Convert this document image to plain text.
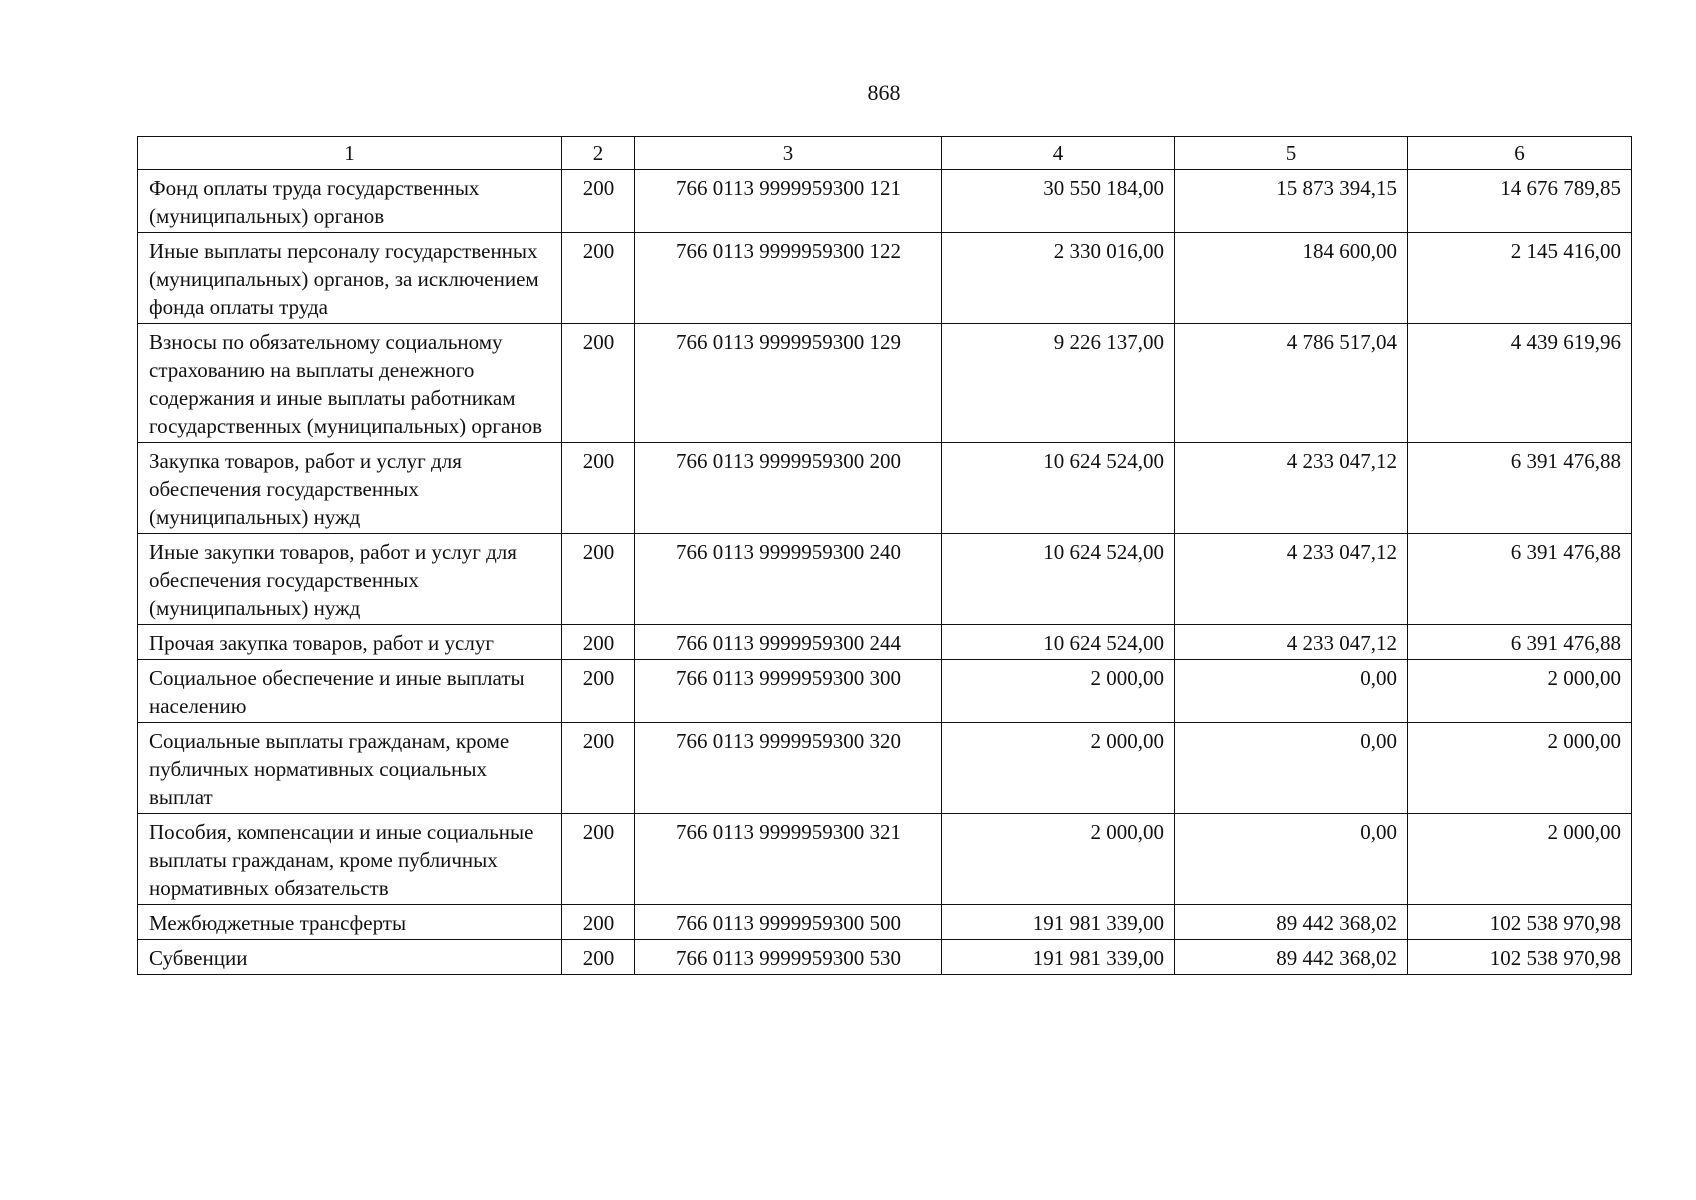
868
1	2	3	4	5	6
Фонд оплаты труда государственных (муниципальных) органов	200	766 0113 9999959300 121	30 550 184,00	15 873 394,15	14 676 789,85
Иные выплаты персоналу государственных (муниципальных) органов, за исключением фонда оплаты труда	200	766 0113 9999959300 122	2 330 016,00	184 600,00	2 145 416,00
Взносы по обязательному социальному страхованию на выплаты денежного содержания и иные выплаты работникам государственных (муниципальных) органов	200	766 0113 9999959300 129	9 226 137,00	4 786 517,04	4 439 619,96
Закупка товаров, работ и услуг для обеспечения государственных (муниципальных) нужд	200	766 0113 9999959300 200	10 624 524,00	4 233 047,12	6 391 476,88
Иные закупки товаров, работ и услуг для обеспечения государственных (муниципальных) нужд	200	766 0113 9999959300 240	10 624 524,00	4 233 047,12	6 391 476,88
Прочая закупка товаров, работ и услуг	200	766 0113 9999959300 244	10 624 524,00	4 233 047,12	6 391 476,88
Социальное обеспечение и иные выплаты населению	200	766 0113 9999959300 300	2 000,00	0,00	2 000,00
Социальные выплаты гражданам, кроме публичных нормативных социальных выплат	200	766 0113 9999959300 320	2 000,00	0,00	2 000,00
Пособия, компенсации и иные социальные выплаты гражданам, кроме публичных нормативных обязательств	200	766 0113 9999959300 321	2 000,00	0,00	2 000,00
Межбюджетные трансферты	200	766 0113 9999959300 500	191 981 339,00	89 442 368,02	102 538 970,98
Субвенции	200	766 0113 9999959300 530	191 981 339,00	89 442 368,02	102 538 970,98
